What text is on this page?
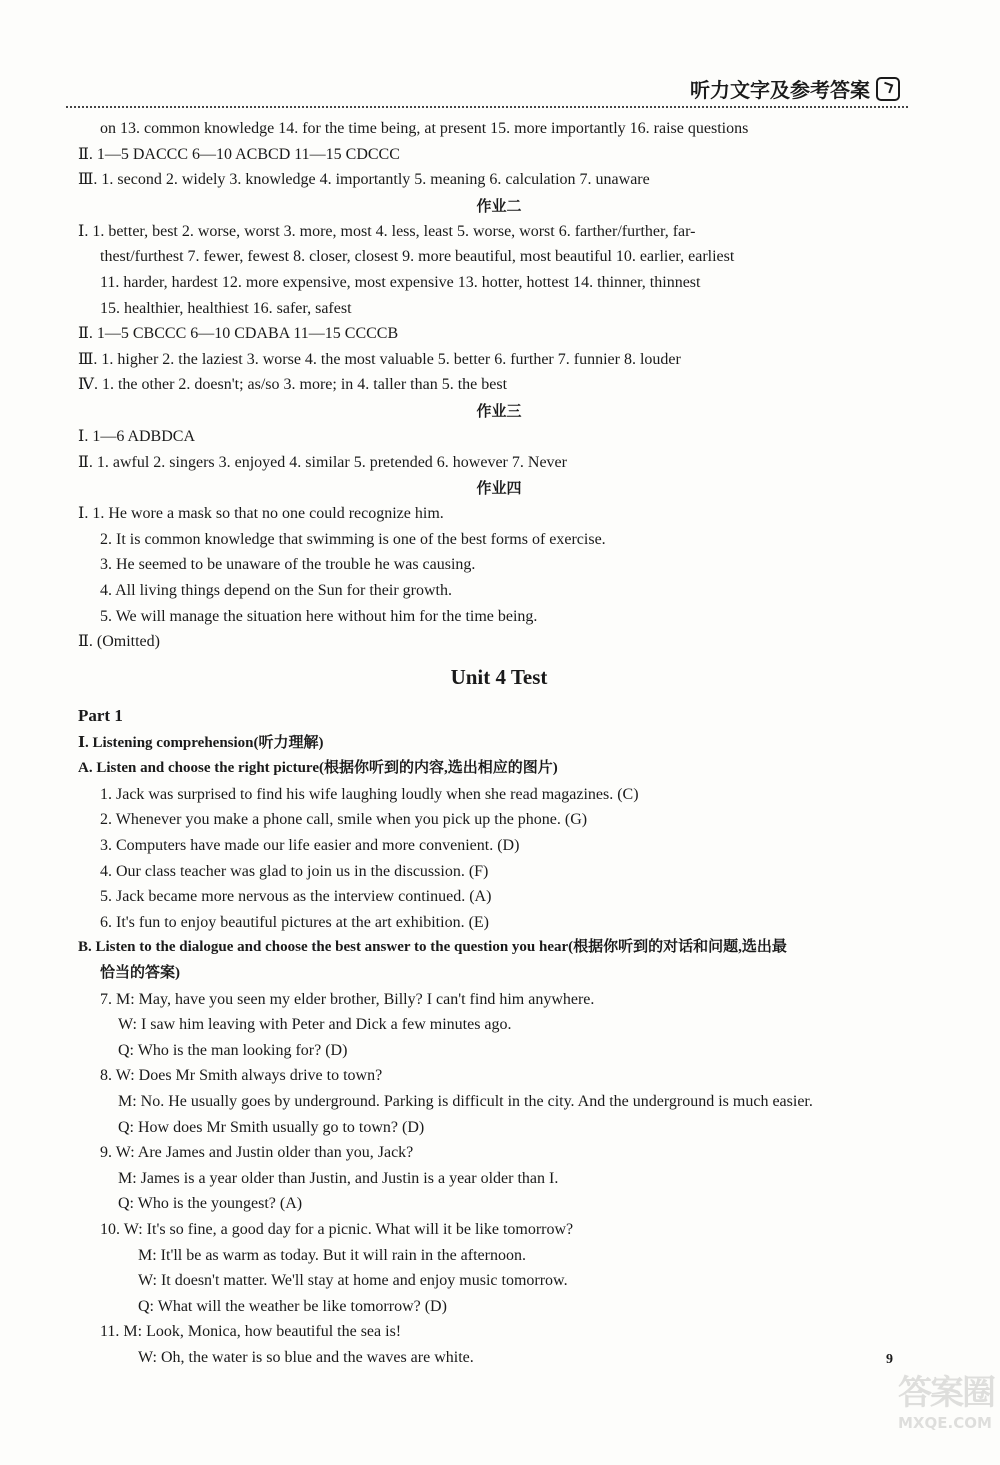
听力文字及参考答案
on 13. common knowledge 14. for the time being, at present 15. more importantly 16. raise questions
Ⅱ. 1—5 DACCC 6—10 ACBCD 11—15 CDCCC
Ⅲ. 1. second 2. widely 3. knowledge 4. importantly 5. meaning 6. calculation 7. unaware
作业二
Ⅰ. 1. better, best 2. worse, worst 3. more, most 4. less, least 5. worse, worst 6. farther/further, far-
thest/furthest 7. fewer, fewest 8. closer, closest 9. more beautiful, most beautiful 10. earlier, earliest
11. harder, hardest 12. more expensive, most expensive 13. hotter, hottest 14. thinner, thinnest
15. healthier, healthiest 16. safer, safest
Ⅱ. 1—5 CBCCC 6—10 CDABA 11—15 CCCCB
Ⅲ. 1. higher 2. the laziest 3. worse 4. the most valuable 5. better 6. further 7. funnier 8. louder
Ⅳ. 1. the other 2. doesn't; as/so 3. more; in 4. taller than 5. the best
作业三
Ⅰ. 1—6 ADBDCA
Ⅱ. 1. awful 2. singers 3. enjoyed 4. similar 5. pretended 6. however 7. Never
作业四
Ⅰ. 1. He wore a mask so that no one could recognize him.
2. It is common knowledge that swimming is one of the best forms of exercise.
3. He seemed to be unaware of the trouble he was causing.
4. All living things depend on the Sun for their growth.
5. We will manage the situation here without him for the time being.
Ⅱ. (Omitted)
Unit 4 Test
Part 1
Ⅰ. Listening comprehension(听力理解)
A. Listen and choose the right picture(根据你听到的内容,选出相应的图片)
1. Jack was surprised to find his wife laughing loudly when she read magazines. (C)
2. Whenever you make a phone call, smile when you pick up the phone. (G)
3. Computers have made our life easier and more convenient. (D)
4. Our class teacher was glad to join us in the discussion. (F)
5. Jack became more nervous as the interview continued. (A)
6. It's fun to enjoy beautiful pictures at the art exhibition. (E)
B. Listen to the dialogue and choose the best answer to the question you hear(根据你听到的对话和问题,选出最
恰当的答案)
7. M: May, have you seen my elder brother, Billy? I can't find him anywhere.
W: I saw him leaving with Peter and Dick a few minutes ago.
Q: Who is the man looking for? (D)
8. W: Does Mr Smith always drive to town?
M: No. He usually goes by underground. Parking is difficult in the city. And the underground is much easier.
Q: How does Mr Smith usually go to town? (D)
9. W: Are James and Justin older than you, Jack?
M: James is a year older than Justin, and Justin is a year older than I.
Q: Who is the youngest? (A)
10. W: It's so fine, a good day for a picnic. What will it be like tomorrow?
M: It'll be as warm as today. But it will rain in the afternoon.
W: It doesn't matter. We'll stay at home and enjoy music tomorrow.
Q: What will the weather be like tomorrow? (D)
11. M: Look, Monica, how beautiful the sea is!
W: Oh, the water is so blue and the waves are white.	9
答案圈
MXQE.COM
